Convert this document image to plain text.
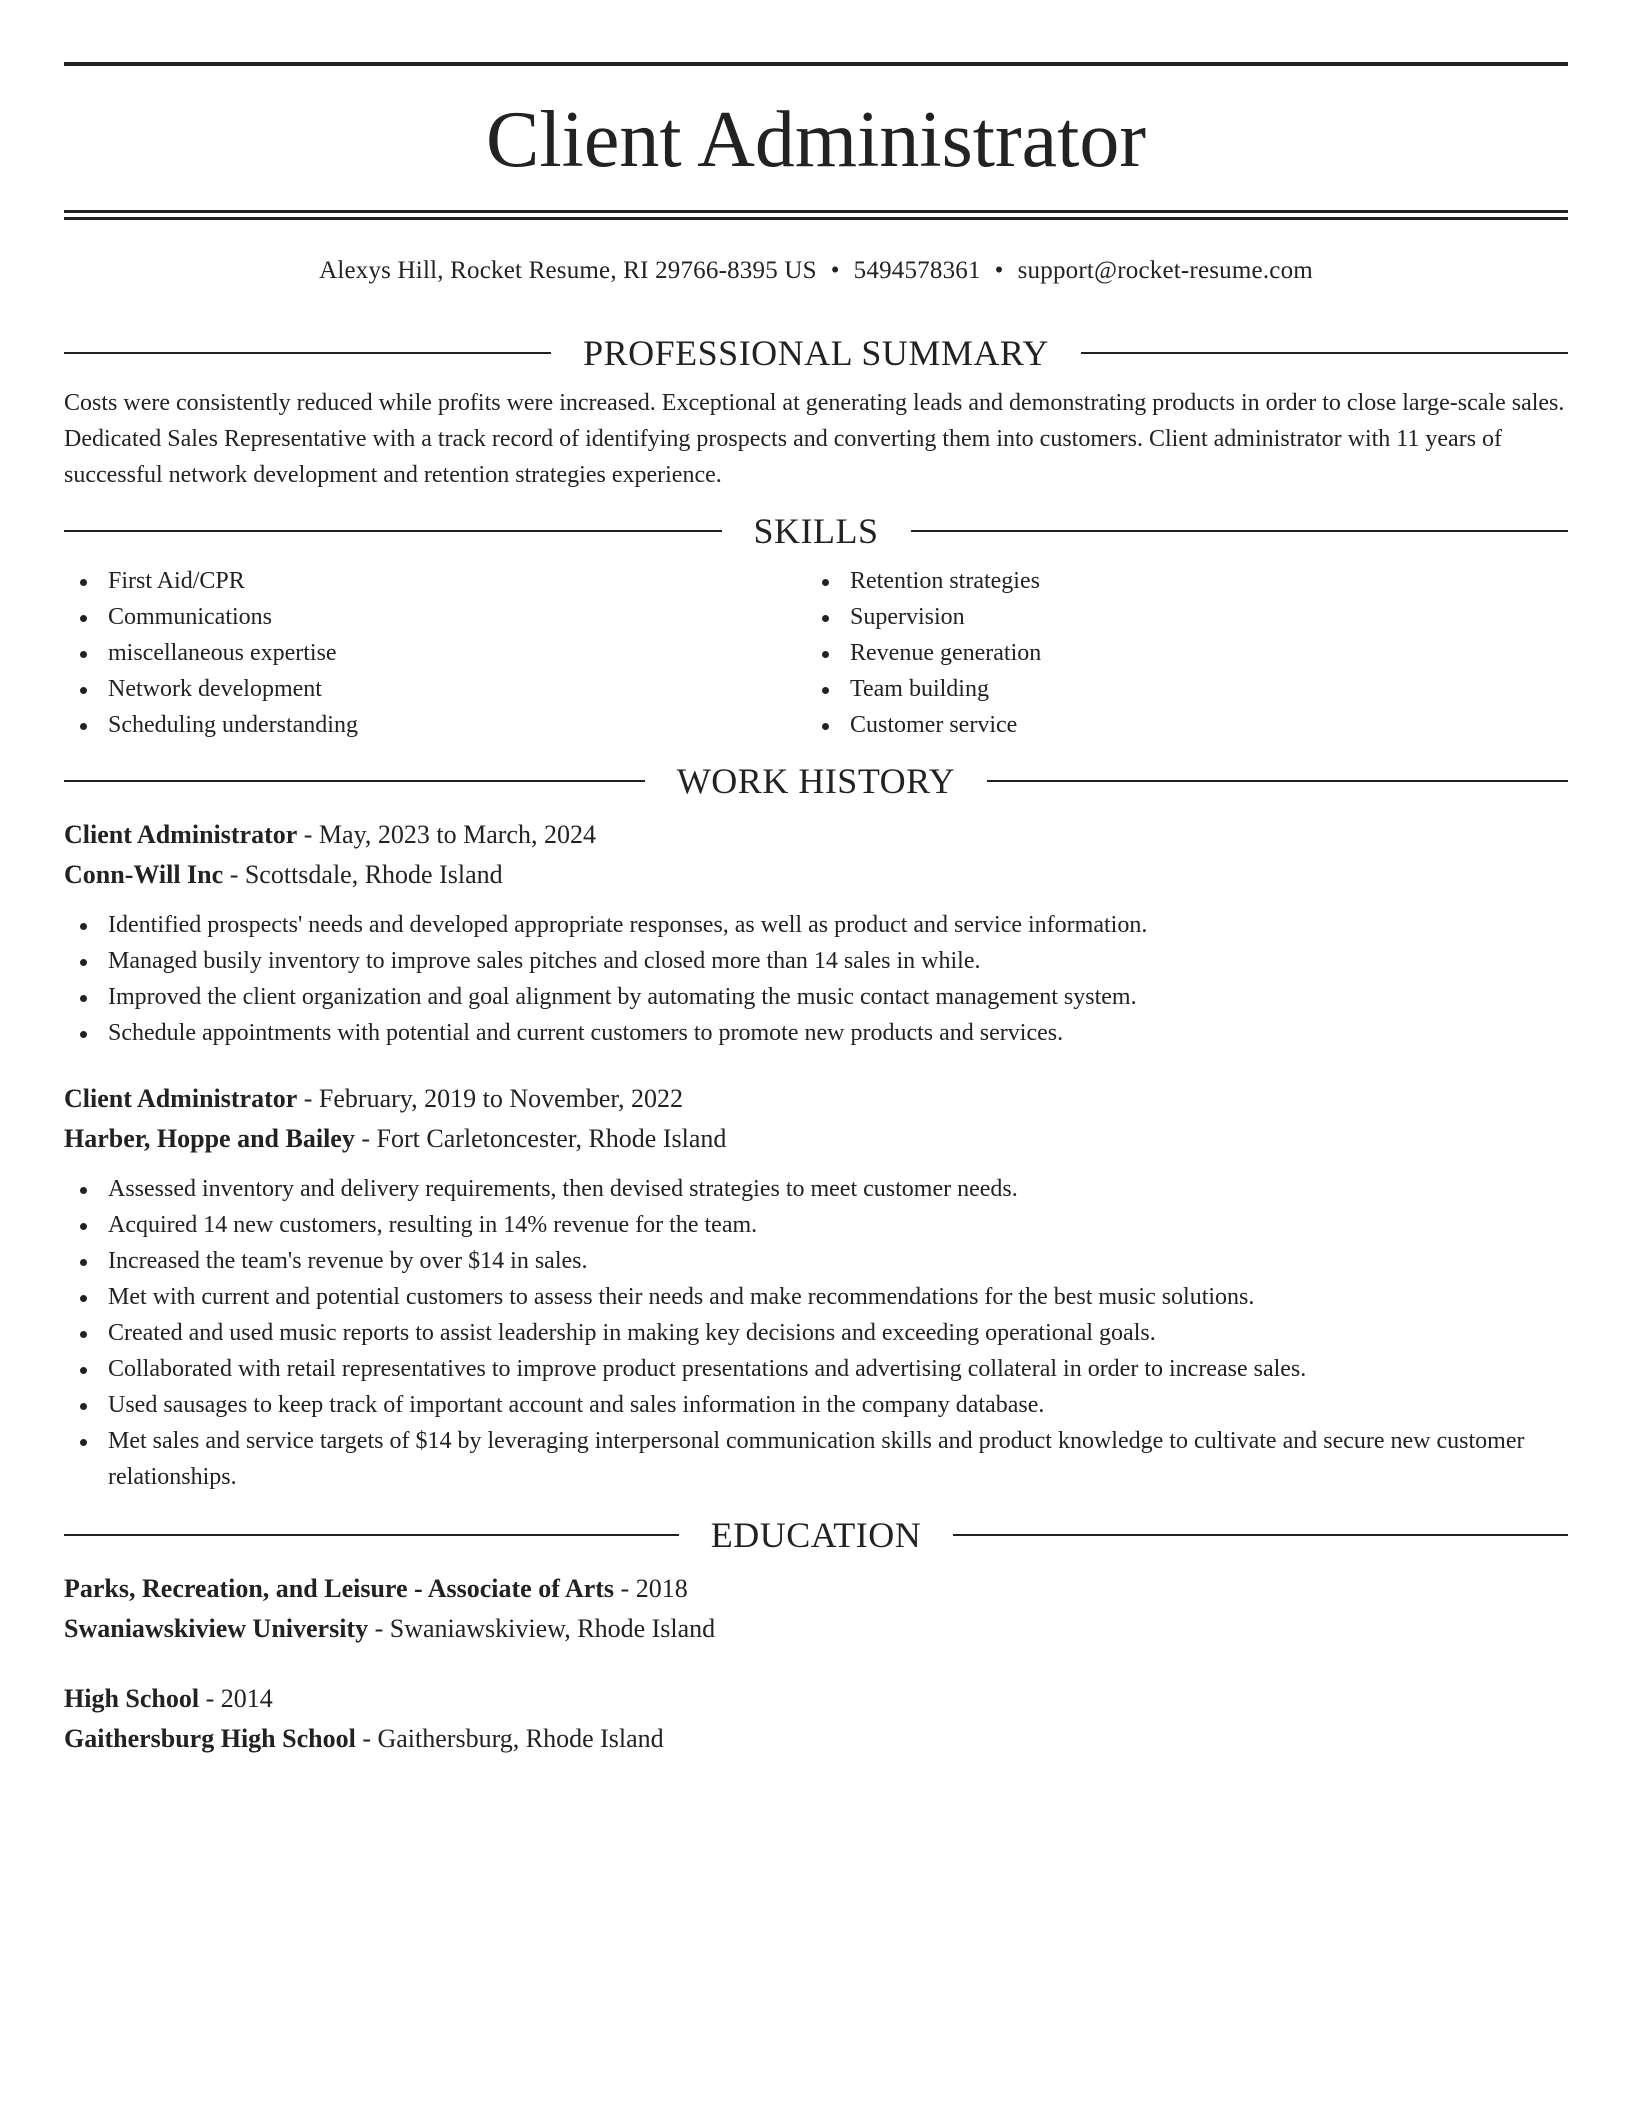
Client Administrator
Alexys Hill, Rocket Resume, RI 29766-8395 US • 5494578361 • support@rocket-resume.com
PROFESSIONAL SUMMARY

Costs were consistently reduced while profits were increased. Exceptional at generating leads and demonstrating products in order to close large-scale sales. Dedicated Sales Representative with a track record of identifying prospects and converting them into customers. Client administrator with 11 years of successful network development and retention strategies experience.

SKILLS
First Aid/CPR
Communications
miscellaneous expertise
Network development
Scheduling understanding
Retention strategies
Supervision
Revenue generation
Team building
Customer service
WORK HISTORY
Client Administrator - May, 2023 to March, 2024
Conn-Will Inc - Scottsdale, Rhode Island
Identified prospects' needs and developed appropriate responses, as well as product and service information.
Managed busily inventory to improve sales pitches and closed more than 14 sales in while.
Improved the client organization and goal alignment by automating the music contact management system.
Schedule appointments with potential and current customers to promote new products and services.
Client Administrator - February, 2019 to November, 2022
Harber, Hoppe and Bailey - Fort Carletoncester, Rhode Island
Assessed inventory and delivery requirements, then devised strategies to meet customer needs.
Acquired 14 new customers, resulting in 14% revenue for the team.
Increased the team's revenue by over $14 in sales.
Met with current and potential customers to assess their needs and make recommendations for the best music solutions.
Created and used music reports to assist leadership in making key decisions and exceeding operational goals.
Collaborated with retail representatives to improve product presentations and advertising collateral in order to increase sales.
Used sausages to keep track of important account and sales information in the company database.
Met sales and service targets of $14 by leveraging interpersonal communication skills and product knowledge to cultivate and secure new customer relationships.
EDUCATION
Parks, Recreation, and Leisure - Associate of Arts - 2018
Swaniawskiview University - Swaniawskiview, Rhode Island
High School - 2014
Gaithersburg High School - Gaithersburg, Rhode Island
